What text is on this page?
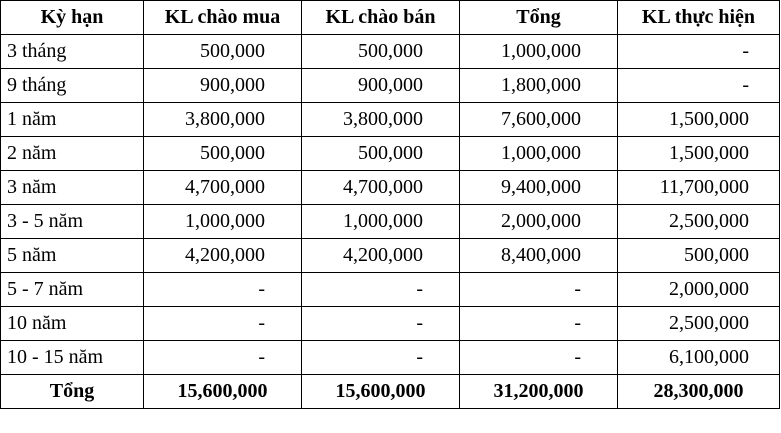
Kỳ hạn	KL chào mua	KL chào bán	Tổng	KL thực hiện
3 tháng	500,000	500,000	1,000,000	-
9 tháng	900,000	900,000	1,800,000	-
1 năm	3,800,000	3,800,000	7,600,000	1,500,000
2 năm	500,000	500,000	1,000,000	1,500,000
3 năm	4,700,000	4,700,000	9,400,000	11,700,000
3 - 5 năm	1,000,000	1,000,000	2,000,000	2,500,000
5 năm	4,200,000	4,200,000	8,400,000	500,000
5 - 7 năm	-	-	-	2,000,000
10 năm	-	-	-	2,500,000
10 - 15 năm	-	-	-	6,100,000
Tổng	15,600,000	15,600,000	31,200,000	28,300,000
